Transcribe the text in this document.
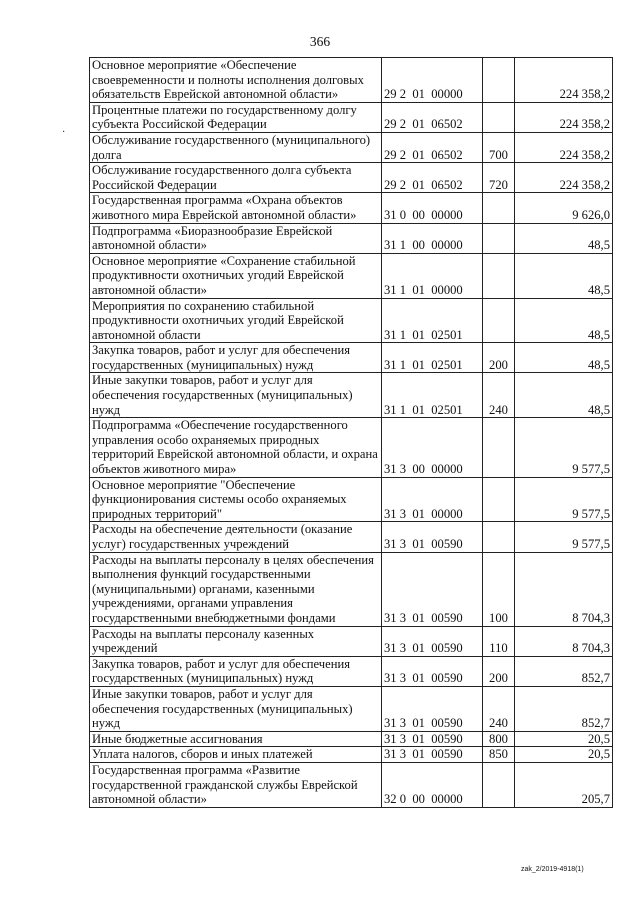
366
·
Основное мероприятие «Обеспечение своевременности и полноты исполнения долговых обязательств Еврейской автономной области»	29 2  01  00000		224 358,2
Процентные платежи по государственному долгу субъекта Российской Федерации	29 2  01  06502		224 358,2
Обслуживание государственного (муниципального) долга	29 2  01  06502	700	224 358,2
Обслуживание государственного долга субъекта Российской Федерации	29 2  01  06502	720	224 358,2
Государственная программа «Охрана объектов животного мира Еврейской автономной области»	31 0  00  00000		9 626,0
Подпрограмма «Биоразнообразие Еврейской автономной области»	31 1  00  00000		48,5
Основное мероприятие «Сохранение стабильной продуктивности охотничьих угодий Еврейской автономной области»	31 1  01  00000		48,5
Мероприятия по сохранению стабильной продуктивности охотничьих угодий Еврейской автономной области	31 1  01  02501		48,5
Закупка товаров, работ и услуг для обеспечения государственных (муниципальных) нужд	31 1  01  02501	200	48,5
Иные закупки товаров, работ и услуг для обеспечения государственных (муниципальных) нужд	31 1  01  02501	240	48,5
Подпрограмма «Обеспечение государственного управления особо охраняемых природных территорий Еврейской автономной области, и охрана объектов животного мира»	31 3  00  00000		9 577,5
Основное мероприятие "Обеспечение функционирования системы особо охраняемых природных территорий"	31 3  01  00000		9 577,5
Расходы на обеспечение деятельности (оказание услуг) государственных учреждений	31 3  01  00590		9 577,5
Расходы на выплаты персоналу в целях обеспечения выполнения функций государственными (муниципальными) органами, казенными учреждениями, органами управления государственными внебюджетными фондами	31 3  01  00590	100	8 704,3
Расходы на выплаты персоналу казенных учреждений	31 3  01  00590	110	8 704,3
Закупка товаров, работ и услуг для обеспечения государственных (муниципальных) нужд	31 3  01  00590	200	852,7
Иные закупки товаров, работ и услуг для обеспечения государственных (муниципальных) нужд	31 3  01  00590	240	852,7
Иные бюджетные ассигнования	31 3  01  00590	800	20,5
Уплата налогов, сборов и иных платежей	31 3  01  00590	850	20,5
Государственная программа «Развитие государственной гражданской службы Еврейской автономной области»	32 0  00  00000		205,7
zak_2/2019-4918(1)
